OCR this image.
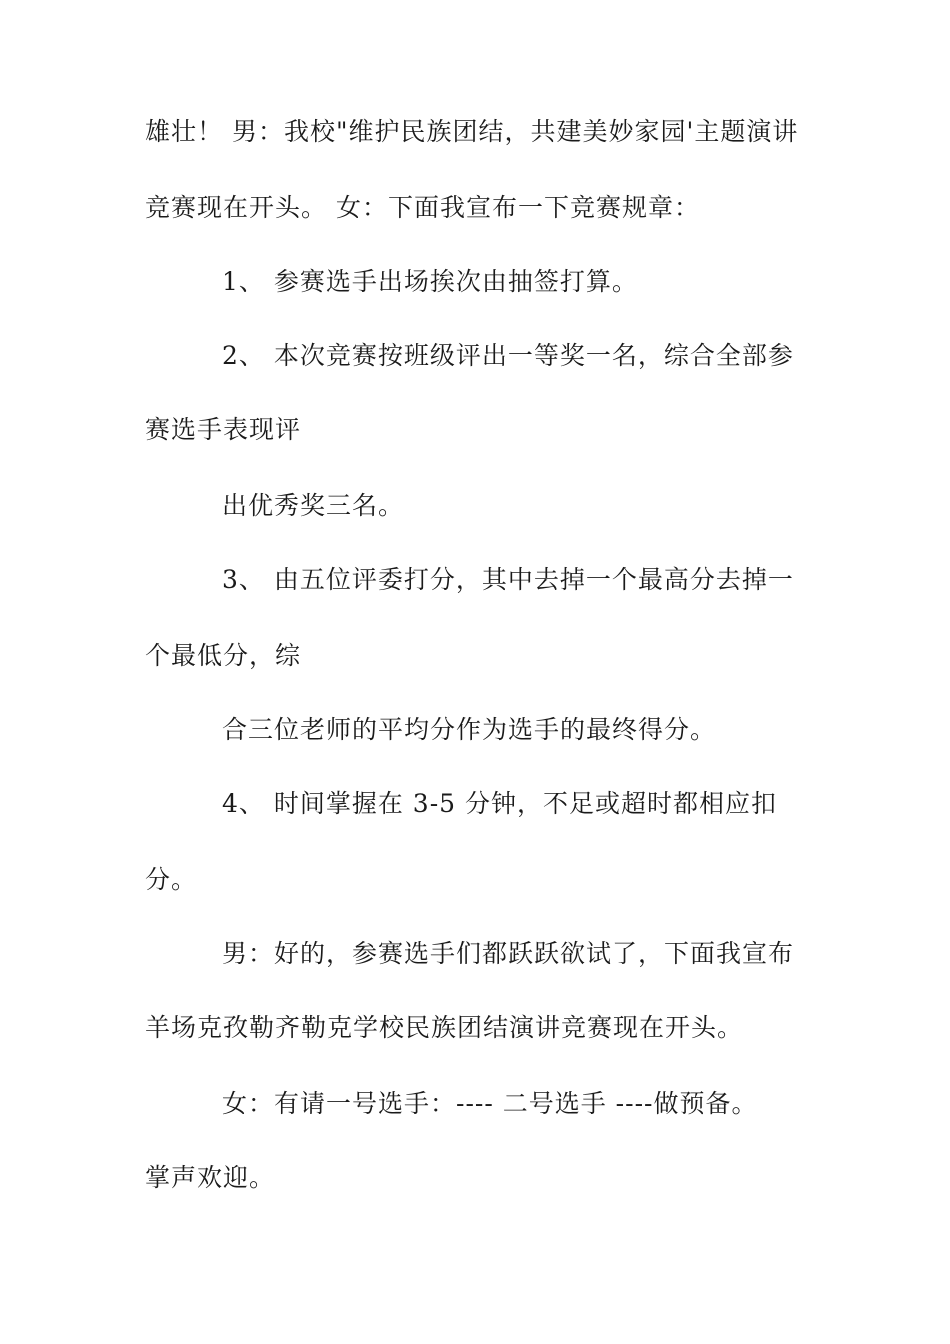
雄壮！ 男：我校"维护民族团结，共建美妙家园'主题演讲
竞赛现在开头。 女：下面我宣布一下竞赛规章：
1、 参赛选手出场挨次由抽签打算。
2、 本次竞赛按班级评出一等奖一名，综合全部参
赛选手表现评
出优秀奖三名。
3、 由五位评委打分，其中去掉一个最高分去掉一
个最低分，综
合三位老师的平均分作为选手的最终得分。
4、 时间掌握在 3-5 分钟，不足或超时都相应扣
分。
男：好的，参赛选手们都跃跃欲试了，下面我宣布
羊场克孜勒齐勒克学校民族团结演讲竞赛现在开头。
女：有请一号选手：---- 二号选手 ----做预备。
掌声欢迎。
